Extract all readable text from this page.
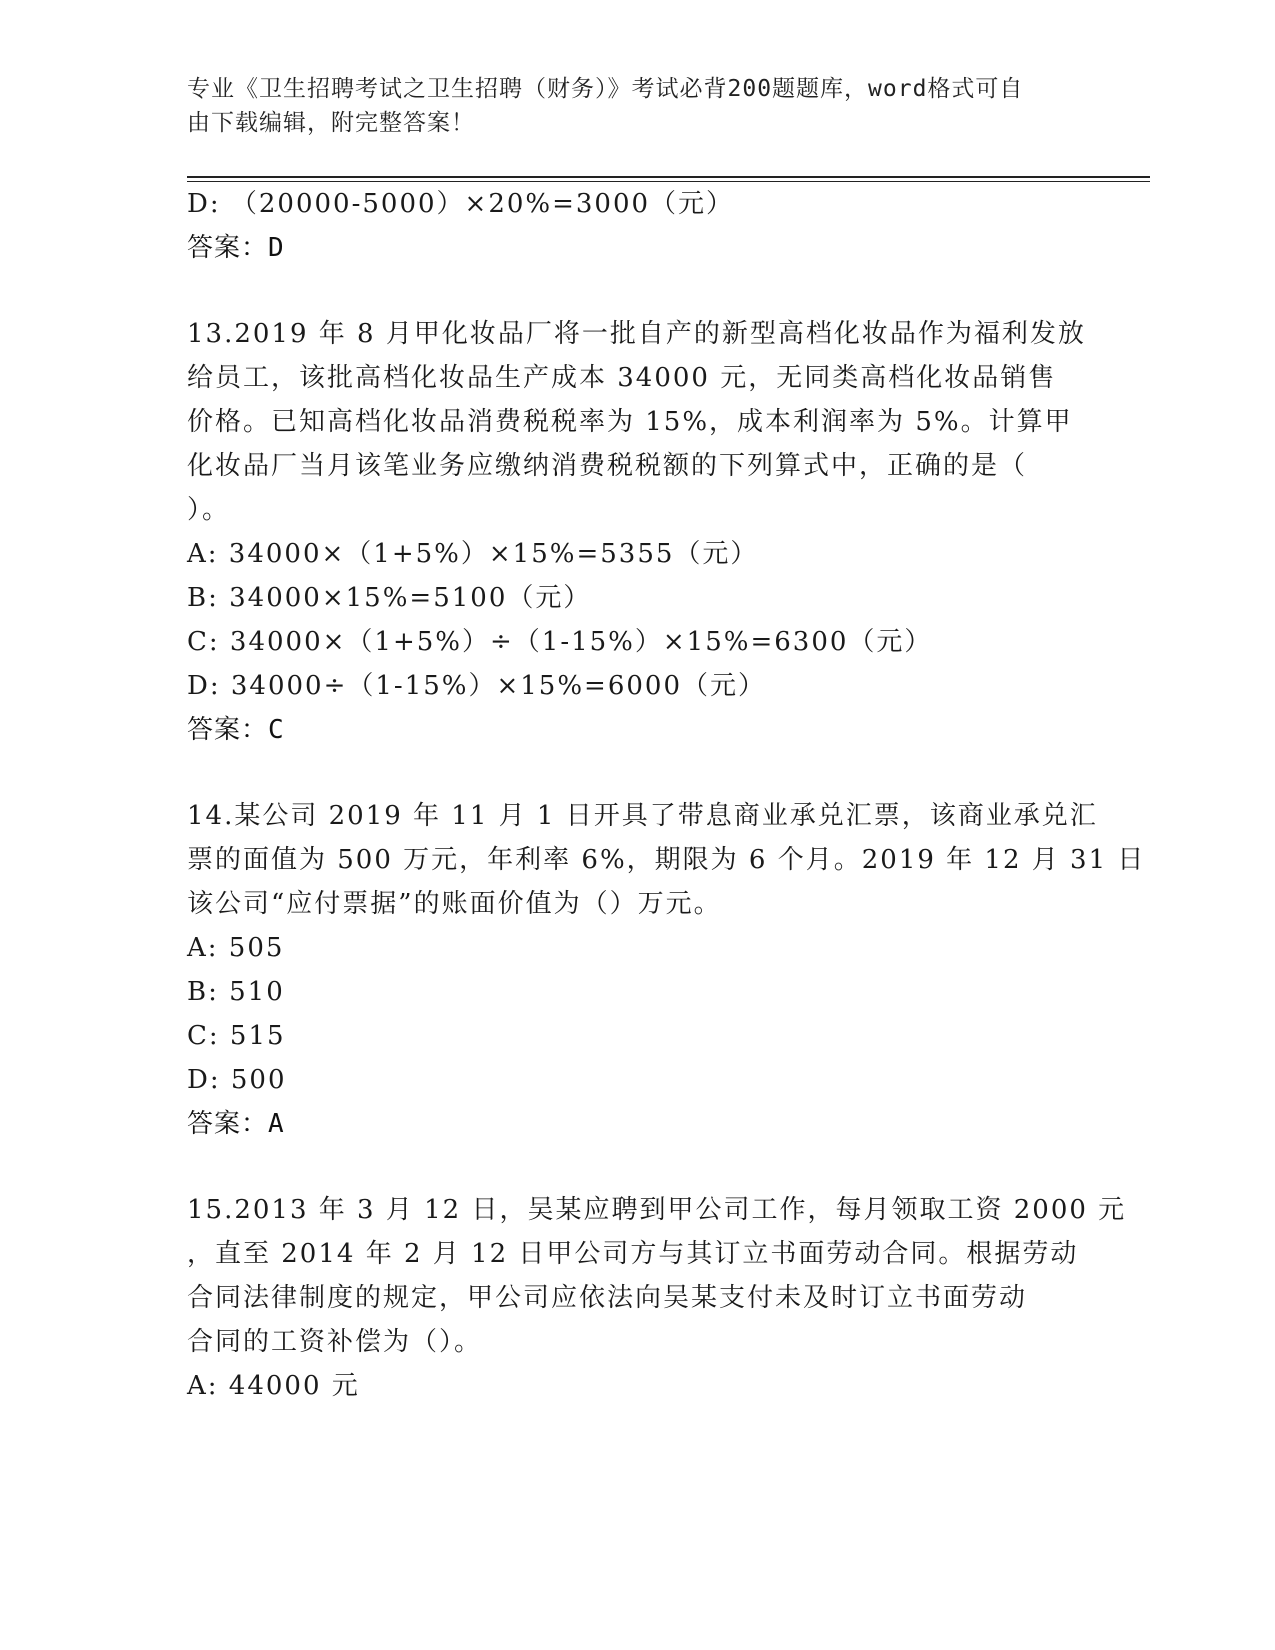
专业《卫生招聘考试之卫生招聘（财务）》考试必背200题题库，word格式可自
由下载编辑，附完整答案！
D: （20000-5000）×20%=3000（元）
答案：D
13.2019 年 8 月甲化妆品厂将一批自产的新型高档化妆品作为福利发放
给员工，该批高档化妆品生产成本 34000 元，无同类高档化妆品销售
价格。已知高档化妆品消费税税率为 15%，成本利润率为 5%。计算甲
化妆品厂当月该笔业务应缴纳消费税税额的下列算式中，正确的是（
）。
A: 34000×（1+5%）×15%=5355（元）
B: 34000×15%=5100（元）
C: 34000×（1+5%）÷（1-15%）×15%=6300（元）
D: 34000÷（1-15%）×15%=6000（元）
答案：C
14.某公司 2019 年 11 月 1 日开具了带息商业承兑汇票，该商业承兑汇
票的面值为 500 万元，年利率 6%，期限为 6 个月。2019 年 12 月 31 日
该公司“应付票据”的账面价值为（）万元。
A: 505
B: 510
C: 515
D: 500
答案：A
15.2013 年 3 月 12 日，吴某应聘到甲公司工作，每月领取工资 2000 元
，直至 2014 年 2 月 12 日甲公司方与其订立书面劳动合同。根据劳动
合同法律制度的规定，甲公司应依法向吴某支付未及时订立书面劳动
合同的工资补偿为（）。
A: 44000 元
